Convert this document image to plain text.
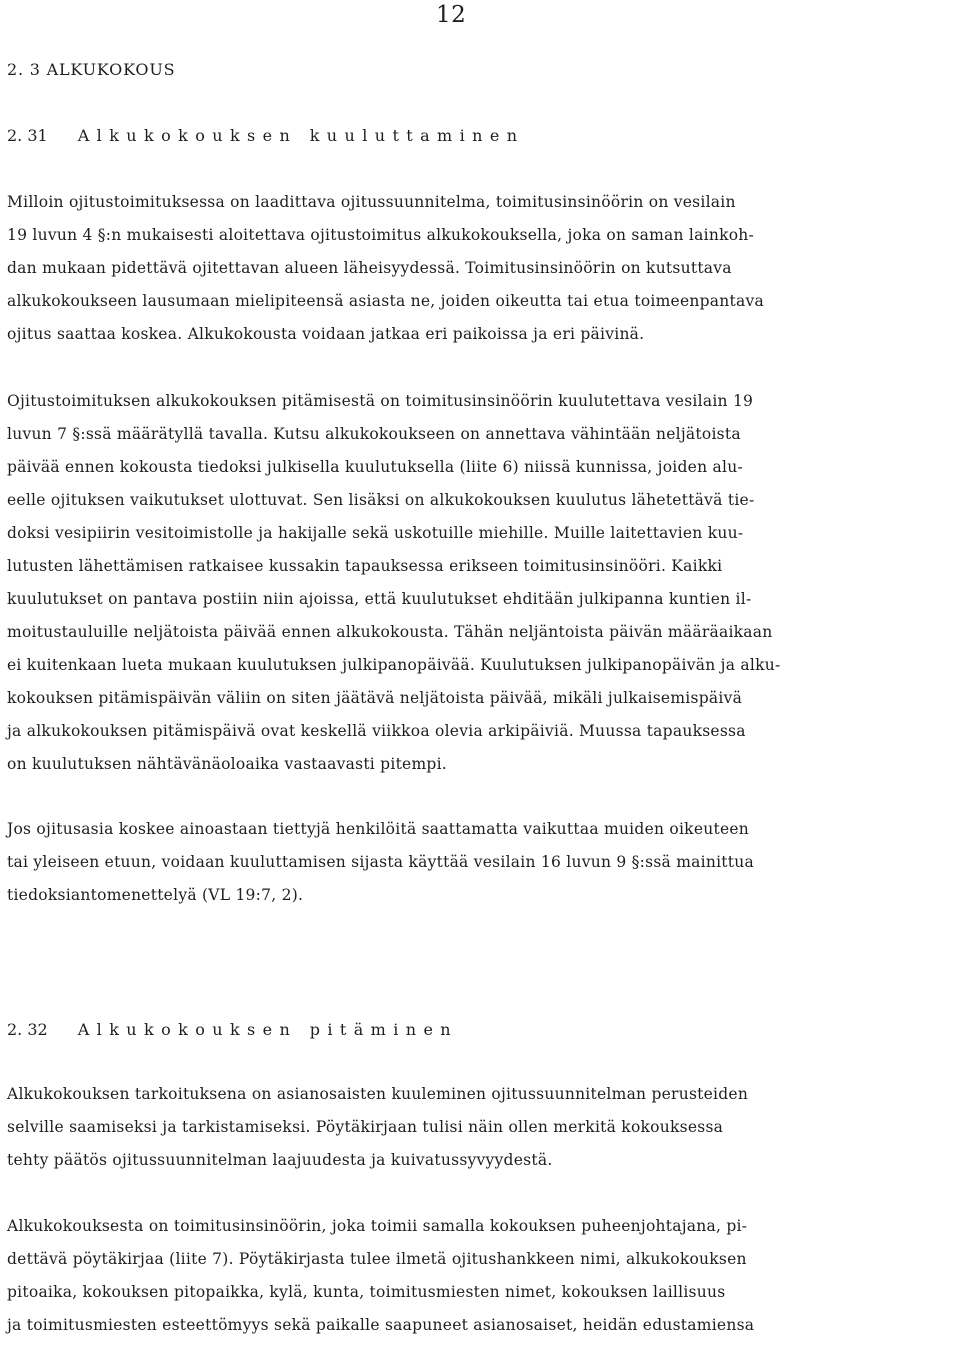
12
2. 3 ALKUKOKOUS
2. 31 Alkukokouksen kuuluttaminen
Milloin ojitustoimituksessa on laadittava ojitussuunnitelma, toimitusinsinöörin on vesilain
19 luvun 4 §:n mukaisesti aloitettava ojitustoimitus alkukokouksella, joka on saman lainkoh-
dan mukaan pidettävä ojitettavan alueen läheisyydessä. Toimitusinsinöörin on kutsuttava
alkukokoukseen lausumaan mielipiteensä asiasta ne, joiden oikeutta tai etua toimeenpantava
ojitus saattaa koskea. Alkukokousta voidaan jatkaa eri paikoissa ja eri päivinä.
Ojitustoimituksen alkukokouksen pitämisestä on toimitusinsinöörin kuulutettava vesilain 19
luvun 7 §:ssä määrätyllä tavalla. Kutsu alkukokoukseen on annettava vähintään neljätoista
päivää ennen kokousta tiedoksi julkisella kuulutuksella (liite 6) niissä kunnissa, joiden alu-
eelle ojituksen vaikutukset ulottuvat. Sen lisäksi on alkukokouksen kuulutus lähetettävä tie-
doksi vesipiirin vesitoimistolle ja hakijalle sekä uskotuille miehille. Muille laitettavien kuu-
lutusten lähettämisen ratkaisee kussakin tapauksessa erikseen toimitusinsinööri. Kaikki
kuulutukset on pantava postiin niin ajoissa, että kuulutukset ehditään julkipanna kuntien il-
moitustauluille neljätoista päivää ennen alkukokousta. Tähän neljäntoista päivän määräaikaan
ei kuitenkaan lueta mukaan kuulutuksen julkipanopäivää. Kuulutuksen julkipanopäivän ja alku-
kokouksen pitämispäivän väliin on siten jäätävä neljätoista päivää, mikäli julkaisemispäivä
ja alkukokouksen pitämispäivä ovat keskellä viikkoa olevia arkipäiviä. Muussa tapauksessa
on kuulutuksen nähtävänäoloaika vastaavasti pitempi.
Jos ojitusasia koskee ainoastaan tiettyjä henkilöitä saattamatta vaikuttaa muiden oikeuteen
tai yleiseen etuun, voidaan kuuluttamisen sijasta käyttää vesilain 16 luvun 9 §:ssä mainittua
tiedoksiantomenettelyä (VL 19:7, 2).
2. 32 Alkukokouksen pitäminen
Alkukokouksen tarkoituksena on asianosaisten kuuleminen ojitussuunnitelman perusteiden
selville saamiseksi ja tarkistamiseksi. Pöytäkirjaan tulisi näin ollen merkitä kokouksessa
tehty päätös ojitussuunnitelman laajuudesta ja kuivatussyvyydestä.
Alkukokouksesta on toimitusinsinöörin, joka toimii samalla kokouksen puheenjohtajana, pi-
dettävä pöytäkirjaa (liite 7). Pöytäkirjasta tulee ilmetä ojitushankkeen nimi, alkukokouksen
pitoaika, kokouksen pitopaikka, kylä, kunta, toimitusmiesten nimet, kokouksen laillisuus
ja toimitusmiesten esteettömyys sekä paikalle saapuneet asianosaiset, heidän edustamiensa
